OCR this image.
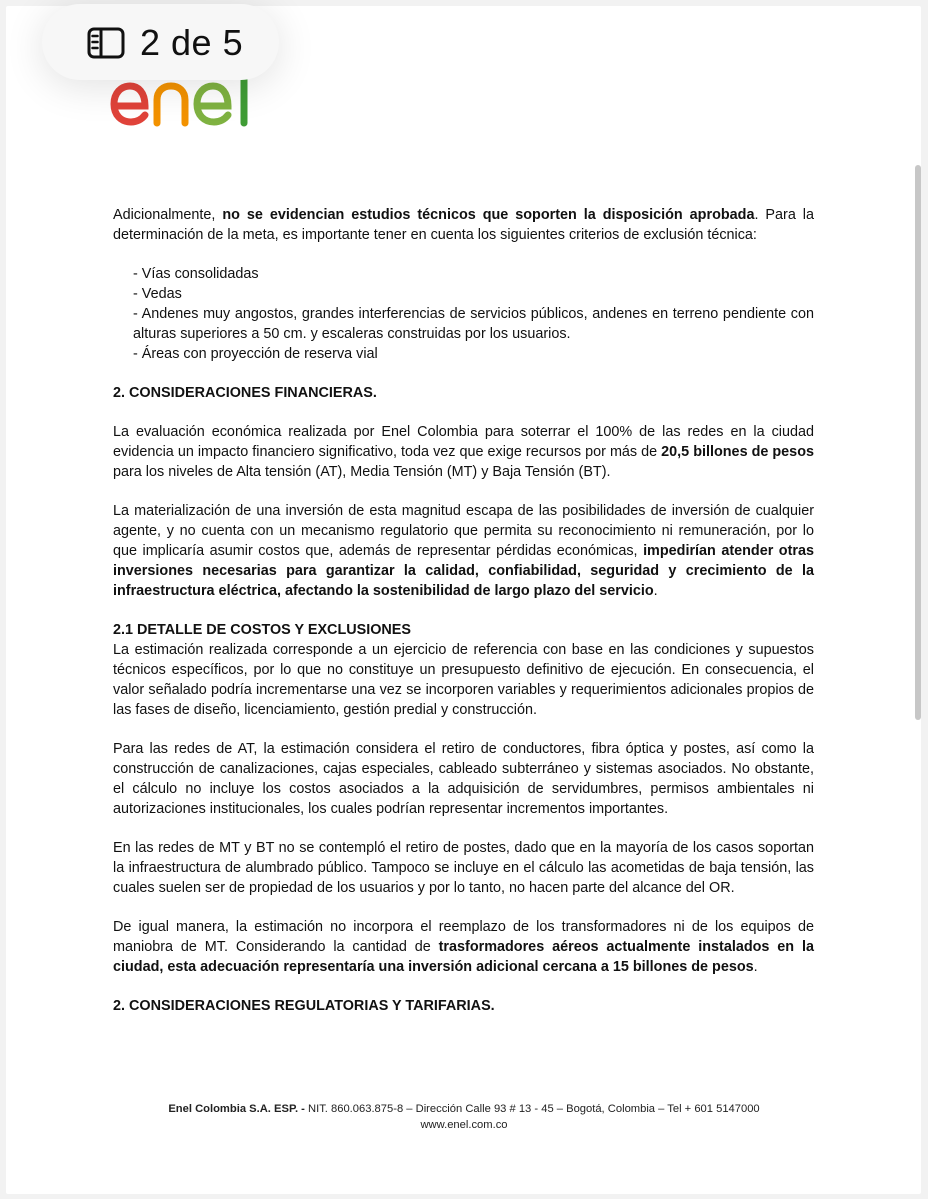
2 de 5

Adicionalmente, no se evidencian estudios técnicos que soporten la disposición aprobada. Para la determinación de la meta, es importante tener en cuenta los siguientes criterios de exclusión técnica:

- Vías consolidadas
- Vedas
- Andenes muy angostos, grandes interferencias de servicios públicos, andenes en terreno pendiente con alturas superiores a 50 cm. y escaleras construidas por los usuarios.
- Áreas con proyección de reserva vial
2. CONSIDERACIONES FINANCIERAS.

La evaluación económica realizada por Enel Colombia para soterrar el 100% de las redes en la ciudad evidencia un impacto financiero significativo, toda vez que exige recursos por más de 20,5 billones de pesos para los niveles de Alta tensión (AT), Media Tensión (MT) y Baja Tensión (BT).

La materialización de una inversión de esta magnitud escapa de las posibilidades de inversión de cualquier agente, y no cuenta con un mecanismo regulatorio que permita su reconocimiento ni remuneración, por lo que implicaría asumir costos que, además de representar pérdidas económicas, impedirían atender otras inversiones necesarias para garantizar la calidad, confiabilidad, seguridad y crecimiento de la infraestructura eléctrica, afectando la sostenibilidad de largo plazo del servicio.

2.1 DETALLE DE COSTOS Y EXCLUSIONES

La estimación realizada corresponde a un ejercicio de referencia con base en las condiciones y supuestos técnicos específicos, por lo que no constituye un presupuesto definitivo de ejecución. En consecuencia, el valor señalado podría incrementarse una vez se incorporen variables y requerimientos adicionales propios de las fases de diseño, licenciamiento, gestión predial y construcción.

Para las redes de AT, la estimación considera el retiro de conductores, fibra óptica y postes, así como la construcción de canalizaciones, cajas especiales, cableado subterráneo y sistemas asociados. No obstante, el cálculo no incluye los costos asociados a la adquisición de servidumbres, permisos ambientales ni autorizaciones institucionales, los cuales podrían representar incrementos importantes.

En las redes de MT y BT no se contempló el retiro de postes, dado que en la mayoría de los casos soportan la infraestructura de alumbrado público. Tampoco se incluye en el cálculo las acometidas de baja tensión, las cuales suelen ser de propiedad de los usuarios y por lo tanto, no hacen parte del alcance del OR.

De igual manera, la estimación no incorpora el reemplazo de los transformadores ni de los equipos de maniobra de MT. Considerando la cantidad de trasformadores aéreos actualmente instalados en la ciudad, esta adecuación representaría una inversión adicional cercana a 15 billones de pesos.

2. CONSIDERACIONES REGULATORIAS Y TARIFARIAS.
Enel Colombia S.A. ESP. - NIT. 860.063.875-8 – Dirección Calle 93 # 13 - 45 – Bogotá, Colombia – Tel + 601 5147000
www.enel.com.co
